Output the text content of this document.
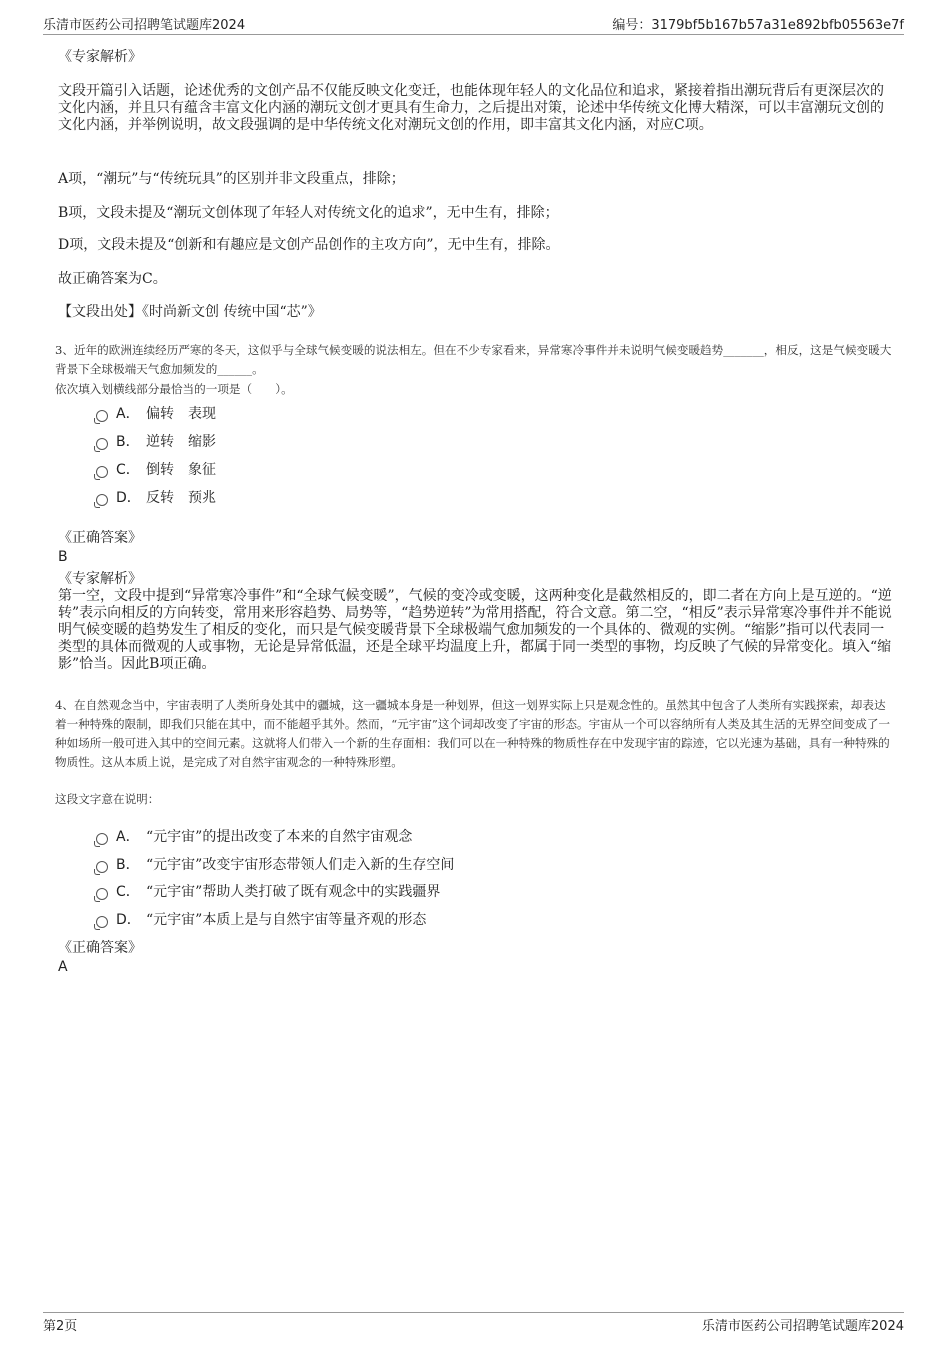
乐清市医药公司招聘笔试题库2024	编号：3179bf5b167b57a31e892bfb05563e7f
《专家解析》
文段开篇引入话题，论述优秀的文创产品不仅能反映文化变迁，也能体现年轻人的文化品位和追求，紧接着指出潮玩背后有更深层次的文化内涵，并且只有蕴含丰富文化内涵的潮玩文创才更具有生命力，之后提出对策，论述中华传统文化博大精深，可以丰富潮玩文创的文化内涵，并举例说明，故文段强调的是中华传统文化对潮玩文创的作用，即丰富其文化内涵，对应C项。
A项，“潮玩”与“传统玩具”的区别并非文段重点，排除；
B项，文段未提及“潮玩文创体现了年轻人对传统文化的追求”，无中生有，排除；
D项，文段未提及“创新和有趣应是文创产品创作的主攻方向”，无中生有，排除。
故正确答案为C。
【文段出处】《时尚新文创 传统中国“芯”》
3、近年的欧洲连续经历严寒的冬天，这似乎与全球气候变暖的说法相左。但在不少专家看来，异常寒冷事件并未说明气候变暖趋势_______，相反，这是气候变暖大背景下全球极端天气愈加频发的______。
依次填入划横线部分最恰当的一项是（　　）。
A． 偏转　表现
B． 逆转　缩影
C． 倒转　象征
D． 反转　预兆
《正确答案》
B
《专家解析》
第一空，文段中提到“异常寒冷事件”和“全球气候变暖”，气候的变冷或变暖，这两种变化是截然相反的，即二者在方向上是互逆的。“逆转”表示向相反的方向转变，常用来形容趋势、局势等，“趋势逆转”为常用搭配，符合文意。第二空，“相反”表示异常寒冷事件并不能说明气候变暖的趋势发生了相反的变化，而只是气候变暖背景下全球极端气愈加频发的一个具体的、微观的实例。“缩影”指可以代表同一类型的具体而微观的人或事物，无论是异常低温，还是全球平均温度上升，都属于同一类型的事物，均反映了气候的异常变化。填入“缩影”恰当。因此B项正确。
4、在自然观念当中，宇宙表明了人类所身处其中的疆城，这一疆城本身是一种划界，但这一划界实际上只是观念性的。虽然其中包含了人类所有实践探索，却表达着一种特殊的限制，即我们只能在其中，而不能超乎其外。然而，“元宇宙”这个词却改变了宇宙的形态。宇宙从一个可以容纳所有人类及其生活的无界空间变成了一种如场所一般可进入其中的空间元素。这就将人们带入一个新的生存面相：我们可以在一种特殊的物质性存在中发现宇宙的踪迹，它以光速为基础，具有一种特殊的物质性。这从本质上说，是完成了对自然宇宙观念的一种特殊形塑。
这段文字意在说明：
A． “元宇宙”的提出改变了本来的自然宇宙观念
B． “元宇宙”改变宇宙形态带领人们走入新的生存空间
C． “元宇宙”帮助人类打破了既有观念中的实践疆界
D． “元宇宙”本质上是与自然宇宙等量齐观的形态
《正确答案》
A
第2页	乐清市医药公司招聘笔试题库2024
